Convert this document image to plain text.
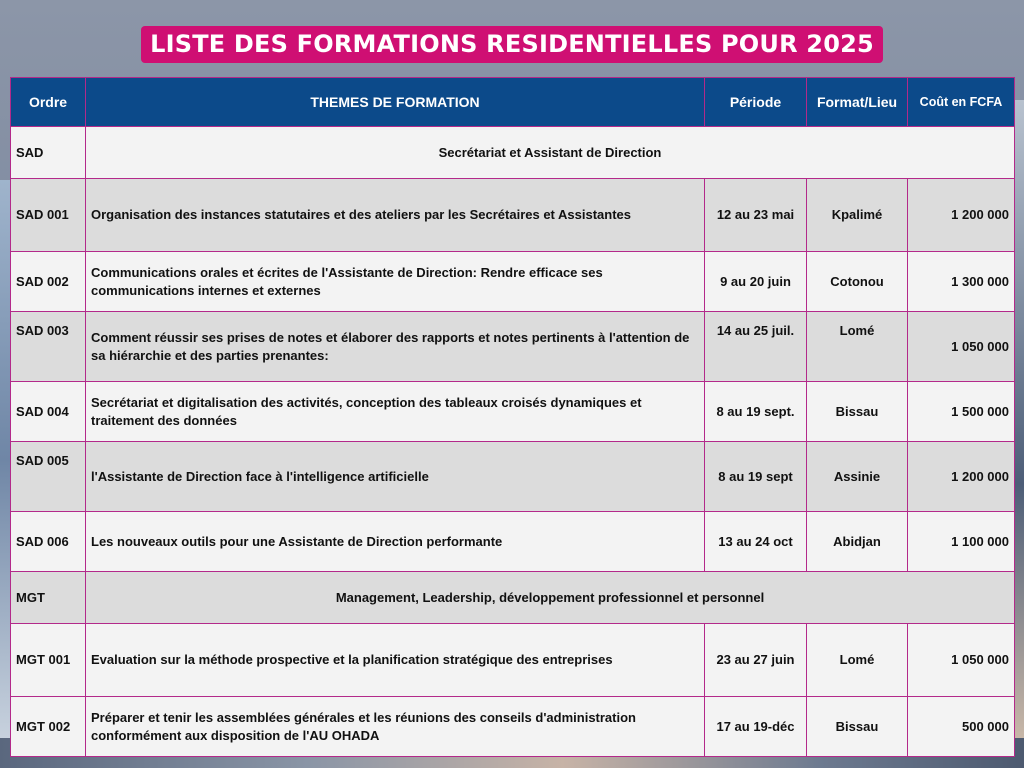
LISTE DES FORMATIONS RESIDENTIELLES POUR 2025
Ordre	THEMES DE FORMATION	Période	Format/Lieu	Coût en FCFA
SAD	Secrétariat et Assistant de Direction			
SAD 001	Organisation des instances statutaires et des ateliers par les Secrétaires et Assistantes	12 au 23 mai	Kpalimé	1 200 000
SAD 002	Communications orales et écrites de l'Assistante de Direction: Rendre efficace ses communications internes et externes	9 au 20 juin	Cotonou	1 300 000
SAD 003	Comment réussir ses prises de notes et élaborer des rapports et notes pertinents à l'attention de sa hiérarchie et des parties prenantes:	14 au 25 juil.	Lomé	1 050 000
SAD 004	Secrétariat et digitalisation des activités, conception des tableaux croisés dynamiques et traitement des données	8 au 19 sept.	Bissau	1 500 000
SAD 005	l'Assistante de Direction face à l'intelligence artificielle	8 au 19 sept	Assinie	1 200 000
SAD 006	Les nouveaux outils pour une Assistante de Direction performante	13 au 24 oct	Abidjan	1 100 000
MGT	Management, Leadership, développement professionnel et personnel			
MGT 001	Evaluation sur la méthode prospective et la planification stratégique des entreprises	23 au 27 juin	Lomé	1 050 000
MGT 002	Préparer et tenir les assemblées générales et les réunions des conseils d'administration conformément aux disposition de l'AU OHADA	17 au 19-déc	Bissau	500 000
